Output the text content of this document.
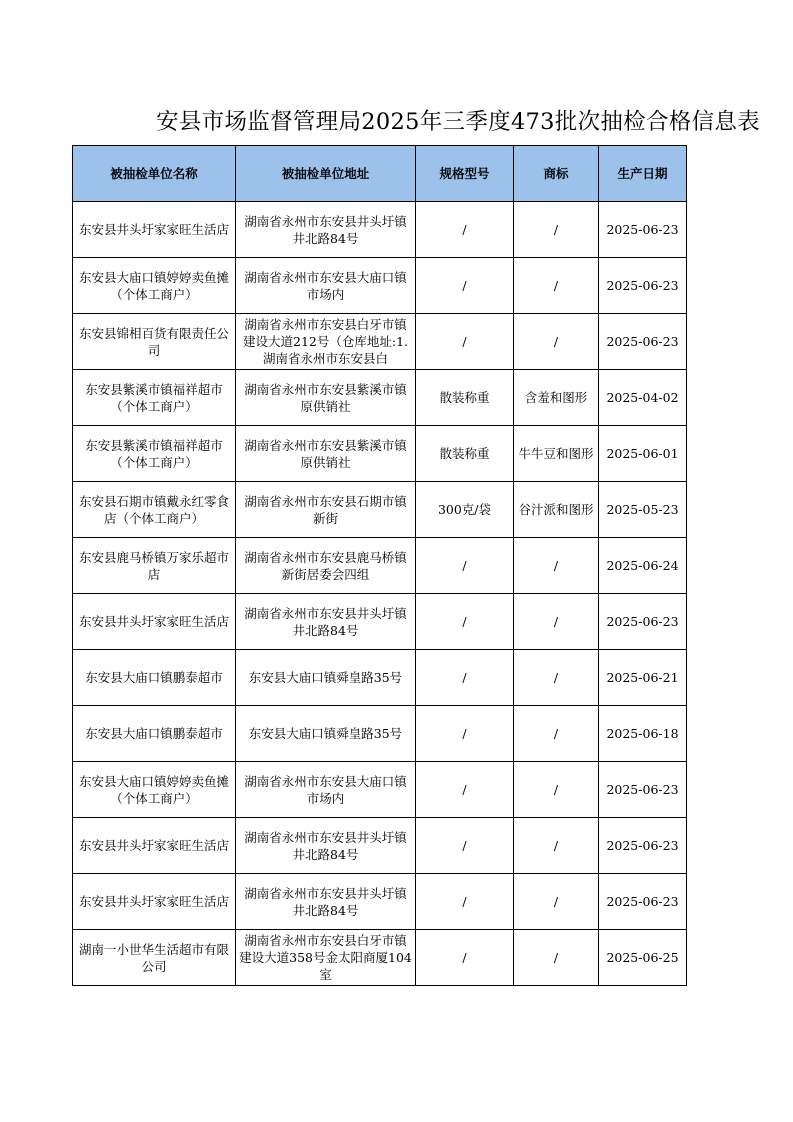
安县市场监督管理局2025年三季度473批次抽检合格信息表
被抽检单位名称	被抽检单位地址	规格型号	商标	生产日期
东安县井头圩家家旺生活店	湖南省永州市东安县井头圩镇井北路84号	/	/	2025-06-23
东安县大庙口镇婷婷卖鱼摊（个体工商户）	湖南省永州市东安县大庙口镇市场内	/	/	2025-06-23
东安县锦相百货有限责任公司	湖南省永州市东安县白牙市镇建设大道212号（仓库地址:1.湖南省永州市东安县白	/	/	2025-06-23
东安县紫溪市镇福祥超市（个体工商户）	湖南省永州市东安县紫溪市镇原供销社	散装称重	含羞和图形	2025-04-02
东安县紫溪市镇福祥超市（个体工商户）	湖南省永州市东安县紫溪市镇原供销社	散装称重	牛牛豆和图形	2025-06-01
东安县石期市镇戴永红零食店（个体工商户）	湖南省永州市东安县石期市镇新街	300克/袋	谷汁派和图形	2025-05-23
东安县鹿马桥镇万家乐超市店	湖南省永州市东安县鹿马桥镇新街居委会四组	/	/	2025-06-24
东安县井头圩家家旺生活店	湖南省永州市东安县井头圩镇井北路84号	/	/	2025-06-23
东安县大庙口镇鹏泰超市	东安县大庙口镇舜皇路35号	/	/	2025-06-21
东安县大庙口镇鹏泰超市	东安县大庙口镇舜皇路35号	/	/	2025-06-18
东安县大庙口镇婷婷卖鱼摊（个体工商户）	湖南省永州市东安县大庙口镇市场内	/	/	2025-06-23
东安县井头圩家家旺生活店	湖南省永州市东安县井头圩镇井北路84号	/	/	2025-06-23
东安县井头圩家家旺生活店	湖南省永州市东安县井头圩镇井北路84号	/	/	2025-06-23
湖南一小世华生活超市有限公司	湖南省永州市东安县白牙市镇建设大道358号金太阳商厦104室	/	/	2025-06-25
